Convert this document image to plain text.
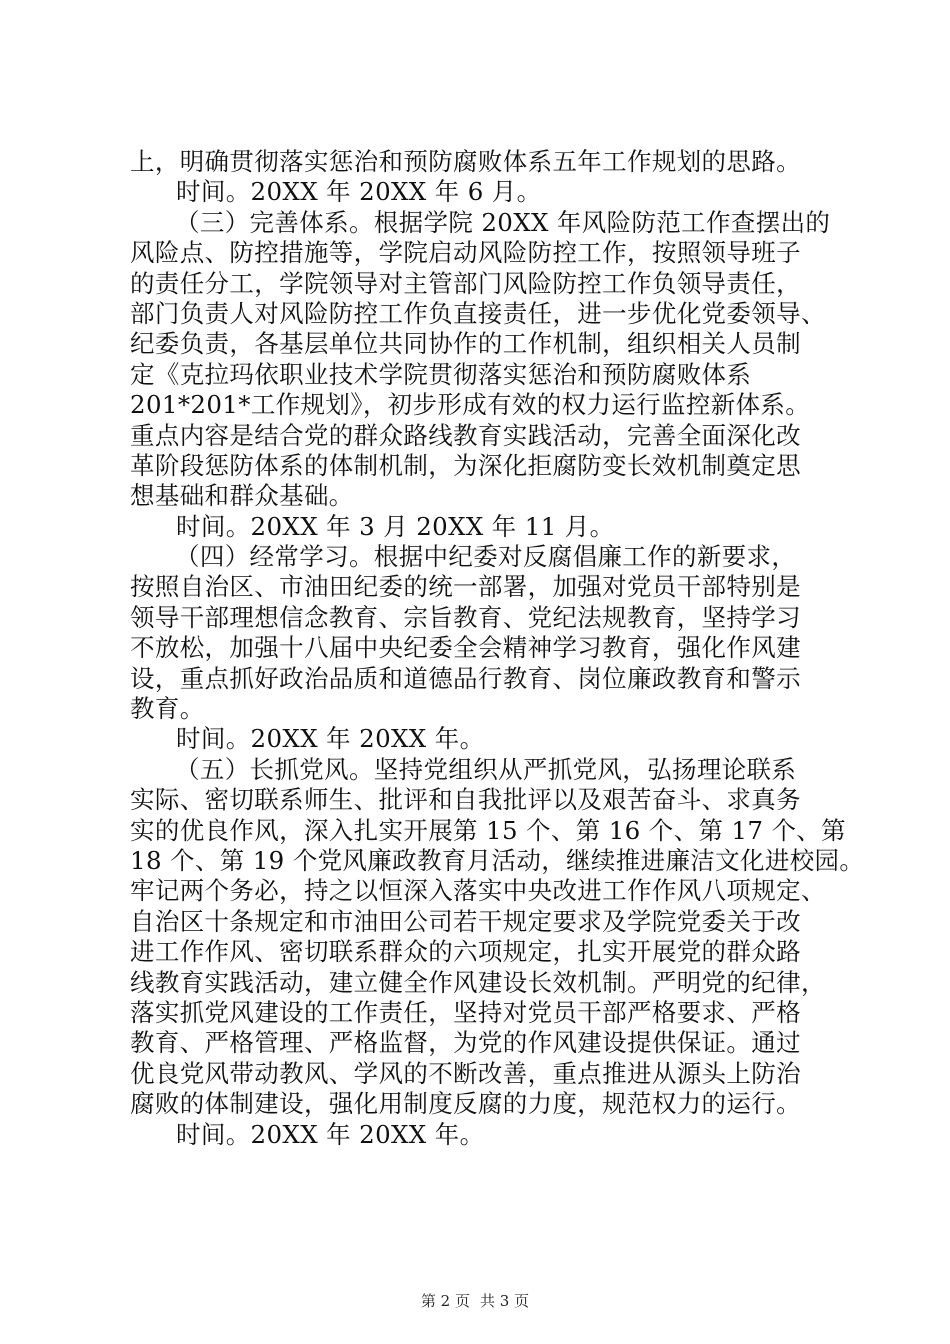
上，明确贯彻落实惩治和预防腐败体系五年工作规划的思路。
时间。20XX 年 20XX 年 6 月。
（三）完善体系。根据学院 20XX 年风险防范工作查摆出的
风险点、防控措施等，学院启动风险防控工作，按照领导班子
的责任分工，学院领导对主管部门风险防控工作负领导责任，
部门负责人对风险防控工作负直接责任，进一步优化党委领导、
纪委负责，各基层单位共同协作的工作机制，组织相关人员制
定《克拉玛依职业技术学院贯彻落实惩治和预防腐败体系
201*201*工作规划》，初步形成有效的权力运行监控新体系。
重点内容是结合党的群众路线教育实践活动，完善全面深化改
革阶段惩防体系的体制机制，为深化拒腐防变长效机制奠定思
想基础和群众基础。
时间。20XX 年 3 月 20XX 年 11 月。
（四）经常学习。根据中纪委对反腐倡廉工作的新要求，
按照自治区、市油田纪委的统一部署，加强对党员干部特别是
领导干部理想信念教育、宗旨教育、党纪法规教育，坚持学习
不放松，加强十八届中央纪委全会精神学习教育，强化作风建
设，重点抓好政治品质和道德品行教育、岗位廉政教育和警示
教育。
时间。20XX 年 20XX 年。
（五）长抓党风。坚持党组织从严抓党风，弘扬理论联系
实际、密切联系师生、批评和自我批评以及艰苦奋斗、求真务
实的优良作风，深入扎实开展第 15 个、第 16 个、第 17 个、第
18 个、第 19 个党风廉政教育月活动，继续推进廉洁文化进校园。
牢记两个务必，持之以恒深入落实中央改进工作作风八项规定、
自治区十条规定和市油田公司若干规定要求及学院党委关于改
进工作作风、密切联系群众的六项规定，扎实开展党的群众路
线教育实践活动，建立健全作风建设长效机制。严明党的纪律，
落实抓党风建设的工作责任，坚持对党员干部严格要求、严格
教育、严格管理、严格监督，为党的作风建设提供保证。通过
优良党风带动教风、学风的不断改善，重点推进从源头上防治
腐败的体制建设，强化用制度反腐的力度，规范权力的运行。
时间。20XX 年 20XX 年。
第 2 页 共 3 页
